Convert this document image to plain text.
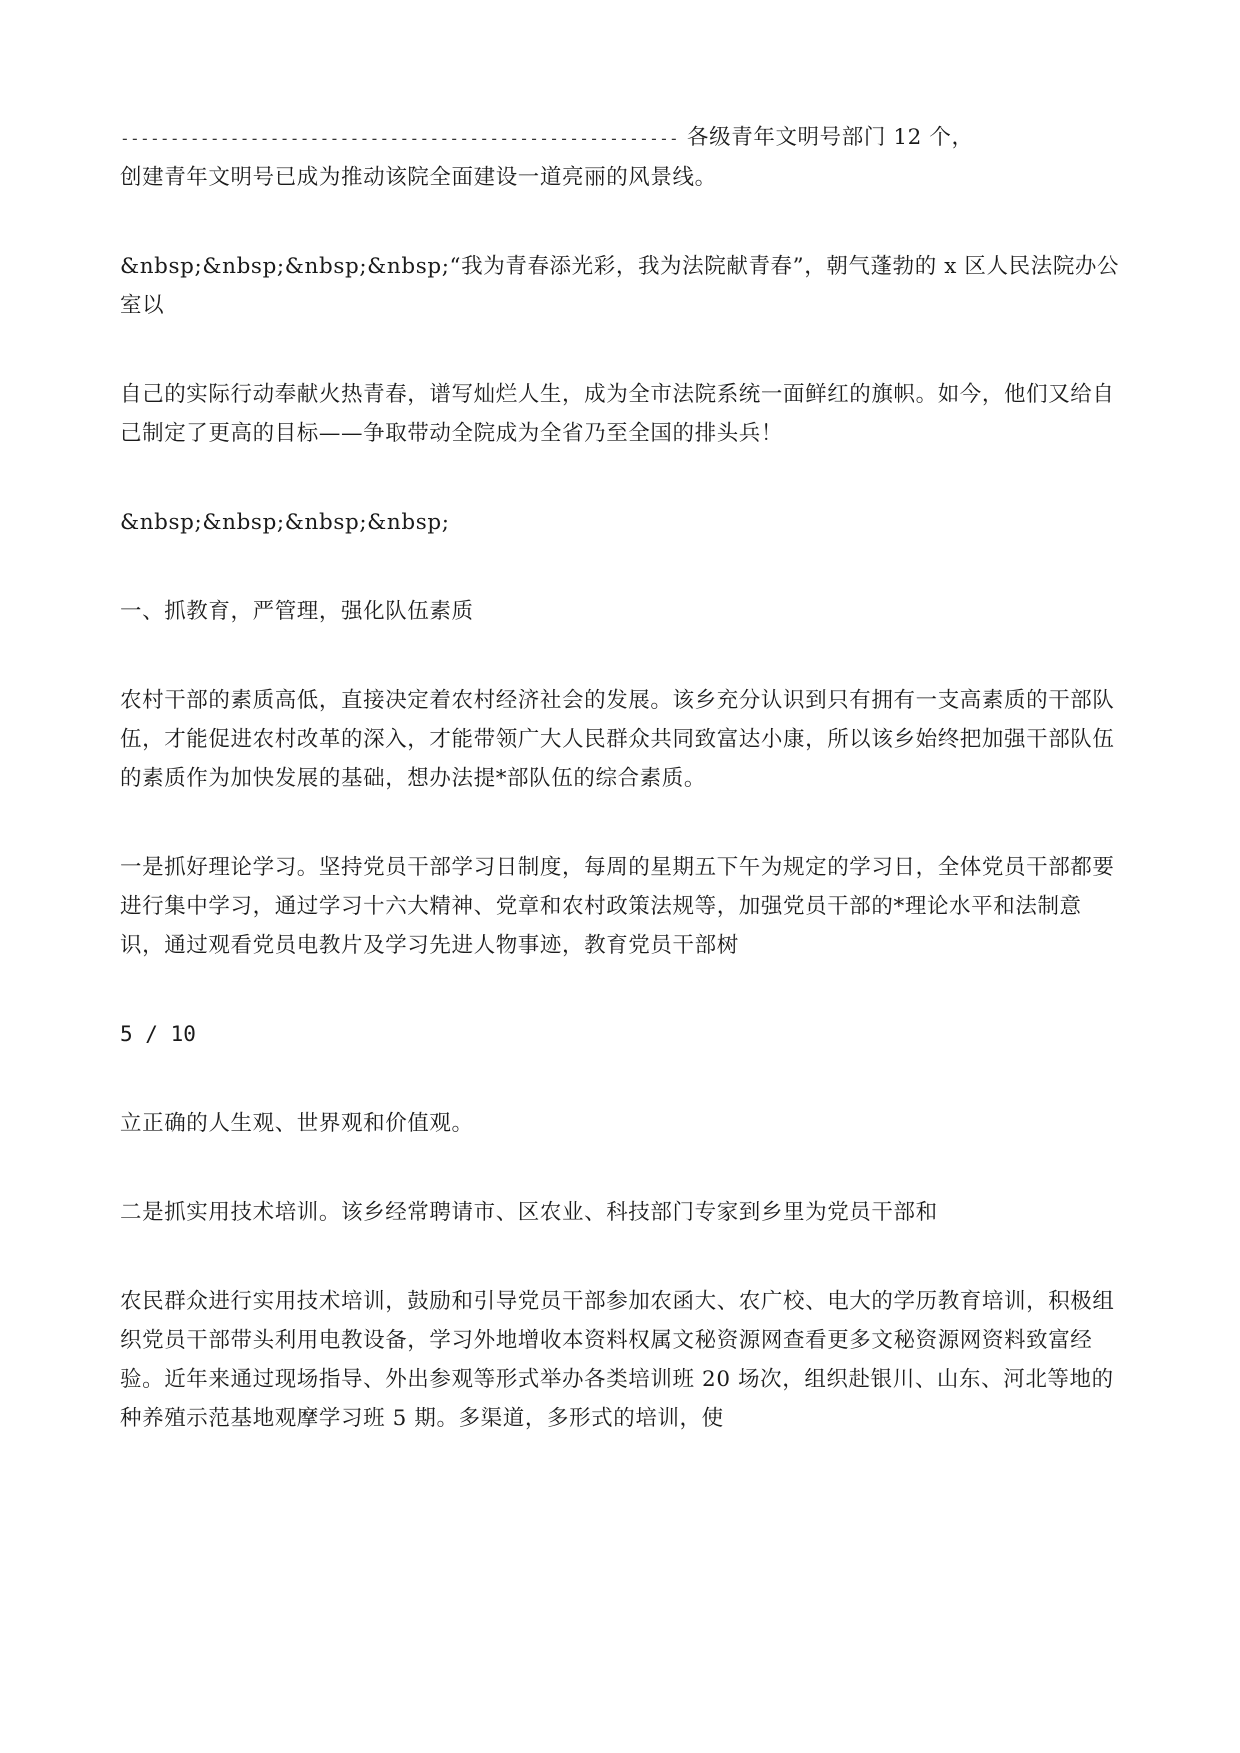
-------------------------------------------------------- 各级青年文明号部门 12 个，
创建青年文明号已成为推动该院全面建设一道亮丽的风景线。

&nbsp;&nbsp;&nbsp;&nbsp;“我为青春添光彩，我为法院献青春”，朝气蓬勃的 x 区人民法院办公室以

自己的实际行动奉献火热青春，谱写灿烂人生，成为全市法院系统一面鲜红的旗帜。如今，他们又给自己制定了更高的目标——争取带动全院成为全省乃至全国的排头兵！

&nbsp;&nbsp;&nbsp;&nbsp;

一、抓教育，严管理，强化队伍素质

农村干部的素质高低，直接决定着农村经济社会的发展。该乡充分认识到只有拥有一支高素质的干部队伍，才能促进农村改革的深入，才能带领广大人民群众共同致富达小康，所以该乡始终把加强干部队伍的素质作为加快发展的基础，想办法提*部队伍的综合素质。

一是抓好理论学习。坚持党员干部学习日制度，每周的星期五下午为规定的学习日，全体党员干部都要进行集中学习，通过学习十六大精神、党章和农村政策法规等，加强党员干部的*理论水平和法制意识，通过观看党员电教片及学习先进人物事迹，教育党员干部树

5 / 10

立正确的人生观、世界观和价值观。

二是抓实用技术培训。该乡经常聘请市、区农业、科技部门专家到乡里为党员干部和

农民群众进行实用技术培训，鼓励和引导党员干部参加农函大、农广校、电大的学历教育培训，积极组织党员干部带头利用电教设备，学习外地增收本资料权属文秘资源网查看更多文秘资源网资料致富经验。近年来通过现场指导、外出参观等形式举办各类培训班 20 场次，组织赴银川、山东、河北等地的种养殖示范基地观摩学习班 5 期。多渠道，多形式的培训，使
